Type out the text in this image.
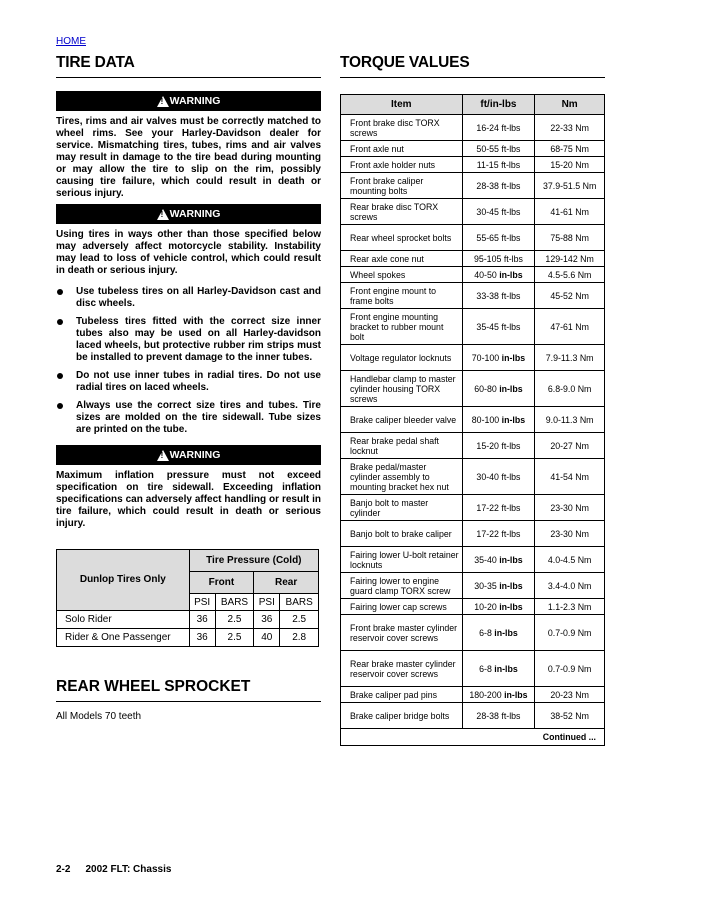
HOME
TIRE DATA
! WARNING

Tires, rims and air valves must be correctly matched to wheel rims. See your Harley-Davidson dealer for service. Mismatching tires, tubes, rims and air valves may result in damage to the tire bead during mounting or may allow the tire to slip on the rim, possibly causing tire failure, which could result in death or serious injury.

! WARNING

Using tires in ways other than those specified below may adversely affect motorcycle stability. Instability may lead to loss of vehicle control, which could result in death or serious injury.

Use tubeless tires on all Harley-Davidson cast and disc wheels.
Tubeless tires fitted with the correct size inner tubes also may be used on all Harley-davidson laced wheels, but protective rubber rim strips must be installed to prevent damage to the inner tubes.
Do not use inner tubes in radial tires. Do not use radial tires on laced wheels.
Always use the correct size tires and tubes. Tire sizes are molded on the tire sidewall. Tube sizes are printed on the tube.
! WARNING

Maximum inflation pressure must not exceed specification on tire sidewall. Exceeding inflation specifications can adversely affect handling or result in tire failure, which could result in death or serious injury.

Dunlop Tires Only	Tire Pressure (Cold)			
	Front		Rear	
	PSI	BARS	PSI	BARS
Solo Rider	36	2.5	36	2.5
Rider & One Passenger	36	2.5	40	2.8
REAR WHEEL SPROCKET

All Models 70 teeth

TORQUE VALUES
Item	ft/in-lbs	Nm
Front brake disc TORX screws	16-24 ft-lbs	22-33 Nm
Front axle nut	50-55 ft-lbs	68-75 Nm
Front axle holder nuts	11-15 ft-lbs	15-20 Nm
Front brake caliper mounting bolts	28-38 ft-lbs	37.9-51.5 Nm
Rear brake disc TORX screws	30-45 ft-lbs	41-61 Nm
Rear wheel sprocket bolts	55-65 ft-lbs	75-88 Nm
Rear axle cone nut	95-105 ft-lbs	129-142 Nm
Wheel spokes	40-50 in-lbs	4.5-5.6 Nm
Front engine mount to frame bolts	33-38 ft-lbs	45-52 Nm
Front engine mounting bracket to rubber mount bolt	35-45 ft-lbs	47-61 Nm
Voltage regulator locknuts	70-100 in-lbs	7.9-11.3 Nm
Handlebar clamp to master cylinder housing TORX screws	60-80 in-lbs	6.8-9.0 Nm
Brake caliper bleeder valve	80-100 in-lbs	9.0-11.3 Nm
Rear brake pedal shaft locknut	15-20 ft-lbs	20-27 Nm
Brake pedal/master cylinder assembly to mounting bracket hex nut	30-40 ft-lbs	41-54 Nm
Banjo bolt to master cylinder	17-22 ft-lbs	23-30 Nm
Banjo bolt to brake caliper	17-22 ft-lbs	23-30 Nm
Fairing lower U-bolt retainer locknuts	35-40 in-lbs	4.0-4.5 Nm
Fairing lower to engine guard clamp TORX screw	30-35 in-lbs	3.4-4.0 Nm
Fairing lower cap screws	10-20 in-lbs	1.1-2.3 Nm
Front brake master cylinder reservoir cover screws	6-8 in-lbs	0.7-0.9 Nm
Rear brake master cylinder reservoir cover screws	6-8 in-lbs	0.7-0.9 Nm
Brake caliper pad pins	180-200 in-lbs	20-23 Nm
Brake caliper bridge bolts	28-38 ft-lbs	38-52 Nm
Continued ...		
2-2 2002 FLT: Chassis
